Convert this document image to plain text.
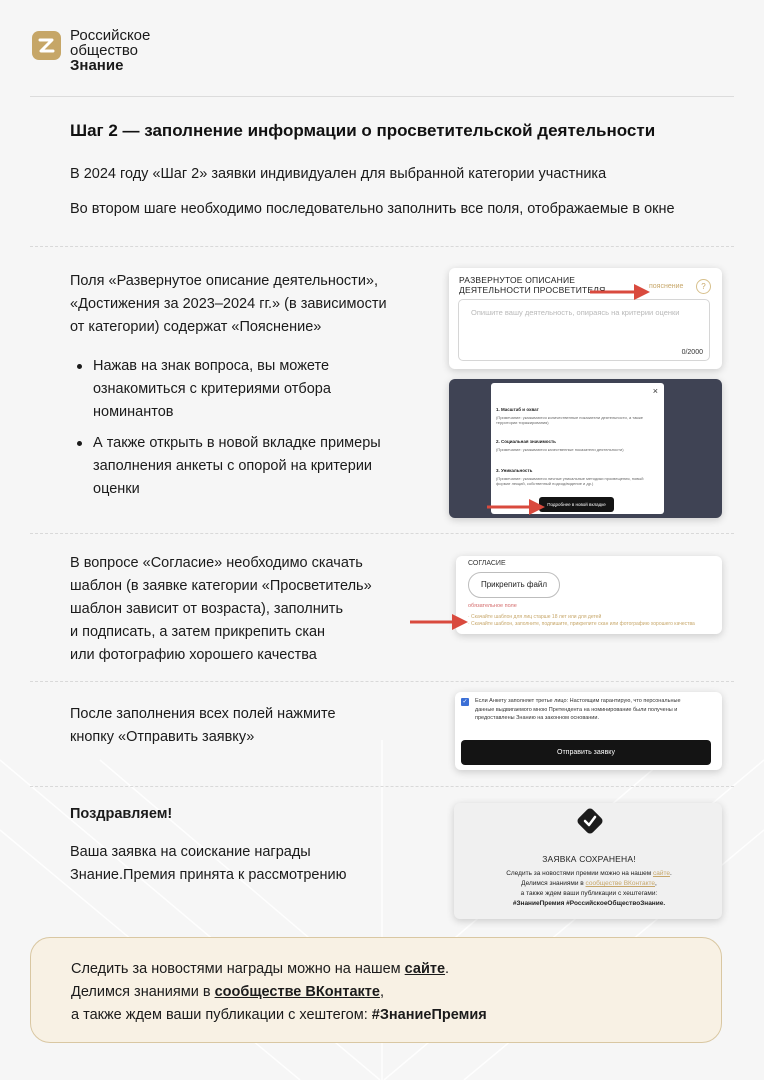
Российское
общество
Знание
Шаг 2 — заполнение информации о просветительской деятельности
В 2024 году «Шаг 2» заявки индивидуален для выбранной категории участника
Во втором шаге необходимо последовательно заполнить все поля, отображаемые в окне
Поля «Развернутое описание деятельности»,
«Достижения за 2023–2024 гг.» (в зависимости
от категории) содержат «Пояснение»
Нажав на знак вопроса, вы можете
ознакомиться с критериями отбора
номинантов
А также открыть в новой вкладке примеры
заполнения анкеты с опорой на критерии
оценки
РАЗВЕРНУТОЕ ОПИСАНИЕ
ДЕЯТЕЛЬНОСТИ ПРОСВЕТИТЕЛЯ	пояснение	?
Опишите вашу деятельность, опираясь на критерии оценки
0/2000
×
1. Масштаб и охват
(Примечание: указываются количественные показатели деятельности, а также территории тиражирования)
2. Социальная значимость
(Примечание: указываются качественные показатели деятельности)
3. Уникальность
(Примечание: указываются личные уникальные методики просвещения, новый формат лекций, собственный подход/видение и др.)
Подробнее в новой вкладке
В вопросе «Согласие» необходимо скачать
шаблон (в заявке категории «Просветитель»
шаблон зависит от возраста), заполнить
и подписать, а затем прикрепить скан
или фотографию хорошего качества
СОГЛАСИЕ
Прикрепить файл
обязательное поле
· Скачайте шаблон для лиц старше 18 лет или для детей
· Скачайте шаблон, заполните, подпишите, прикрепите скан или фотографию хорошего качества
После заполнения всех полей нажмите
кнопку «Отправить заявку»
✓ Если Анкету заполняет третье лицо: Настоящим гарантирую, что персональные данные выдвигаемого мною Претендента на номинирование были получены и предоставлены Знанию на законном основании.
Отправить заявку
Поздравляем!
Ваша заявка на соискание награды
Знание.Премия принята к рассмотрению
ЗАЯВКА СОХРАНЕНА!
Следить за новостями премии можно на нашем сайте.
Делимся знаниями в сообществе ВКонтакте,
а также ждем ваши публикации с хештегами:
#ЗнаниеПремия #РоссийскоеОбществоЗнание.
Следить за новостями награды можно на нашем сайте.
Делимся знаниями в сообществе ВКонтакте,
а также ждем ваши публикации с хештегом: #ЗнаниеПремия
